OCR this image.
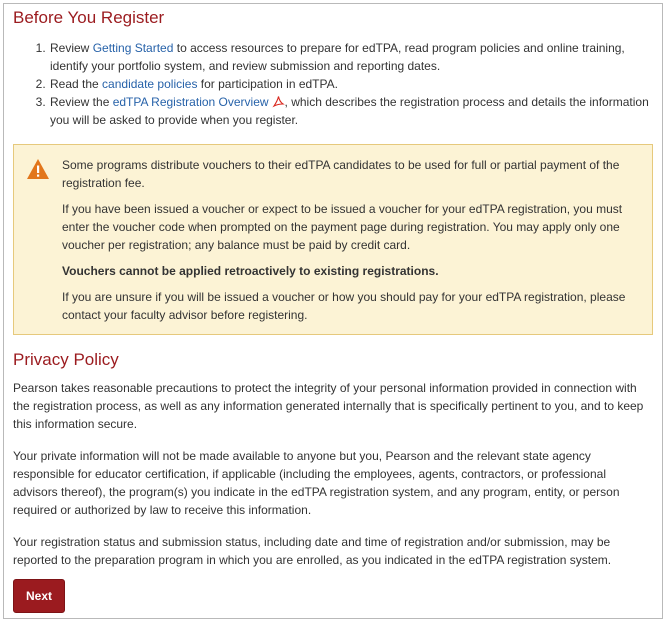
Before You Register
1. Review Getting Started to access resources to prepare for edTPA, read program policies and online training, identify your portfolio system, and review submission and reporting dates.
2. Read the candidate policies for participation in edTPA.
3. Review the edTPA Registration Overview , which describes the registration process and details the information you will be asked to provide when you register.

Some programs distribute vouchers to their edTPA candidates to be used for full or partial payment of the registration fee.

If you have been issued a voucher or expect to be issued a voucher for your edTPA registration, you must enter the voucher code when prompted on the payment page during registration. You may apply only one voucher per registration; any balance must be paid by credit card.

Vouchers cannot be applied retroactively to existing registrations.

If you are unsure if you will be issued a voucher or how you should pay for your edTPA registration, please contact your faculty advisor before registering.

Privacy Policy

Pearson takes reasonable precautions to protect the integrity of your personal information provided in connection with the registration process, as well as any information generated internally that is specifically pertinent to you, and to keep this information secure.

Your private information will not be made available to anyone but you, Pearson and the relevant state agency responsible for educator certification, if applicable (including the employees, agents, contractors, or professional advisors thereof), the program(s) you indicate in the edTPA registration system, and any program, entity, or person required or authorized by law to receive this information.

Your registration status and submission status, including date and time of registration and/or submission, may be reported to the preparation program in which you are enrolled, as you indicated in the edTPA registration system.

Next
